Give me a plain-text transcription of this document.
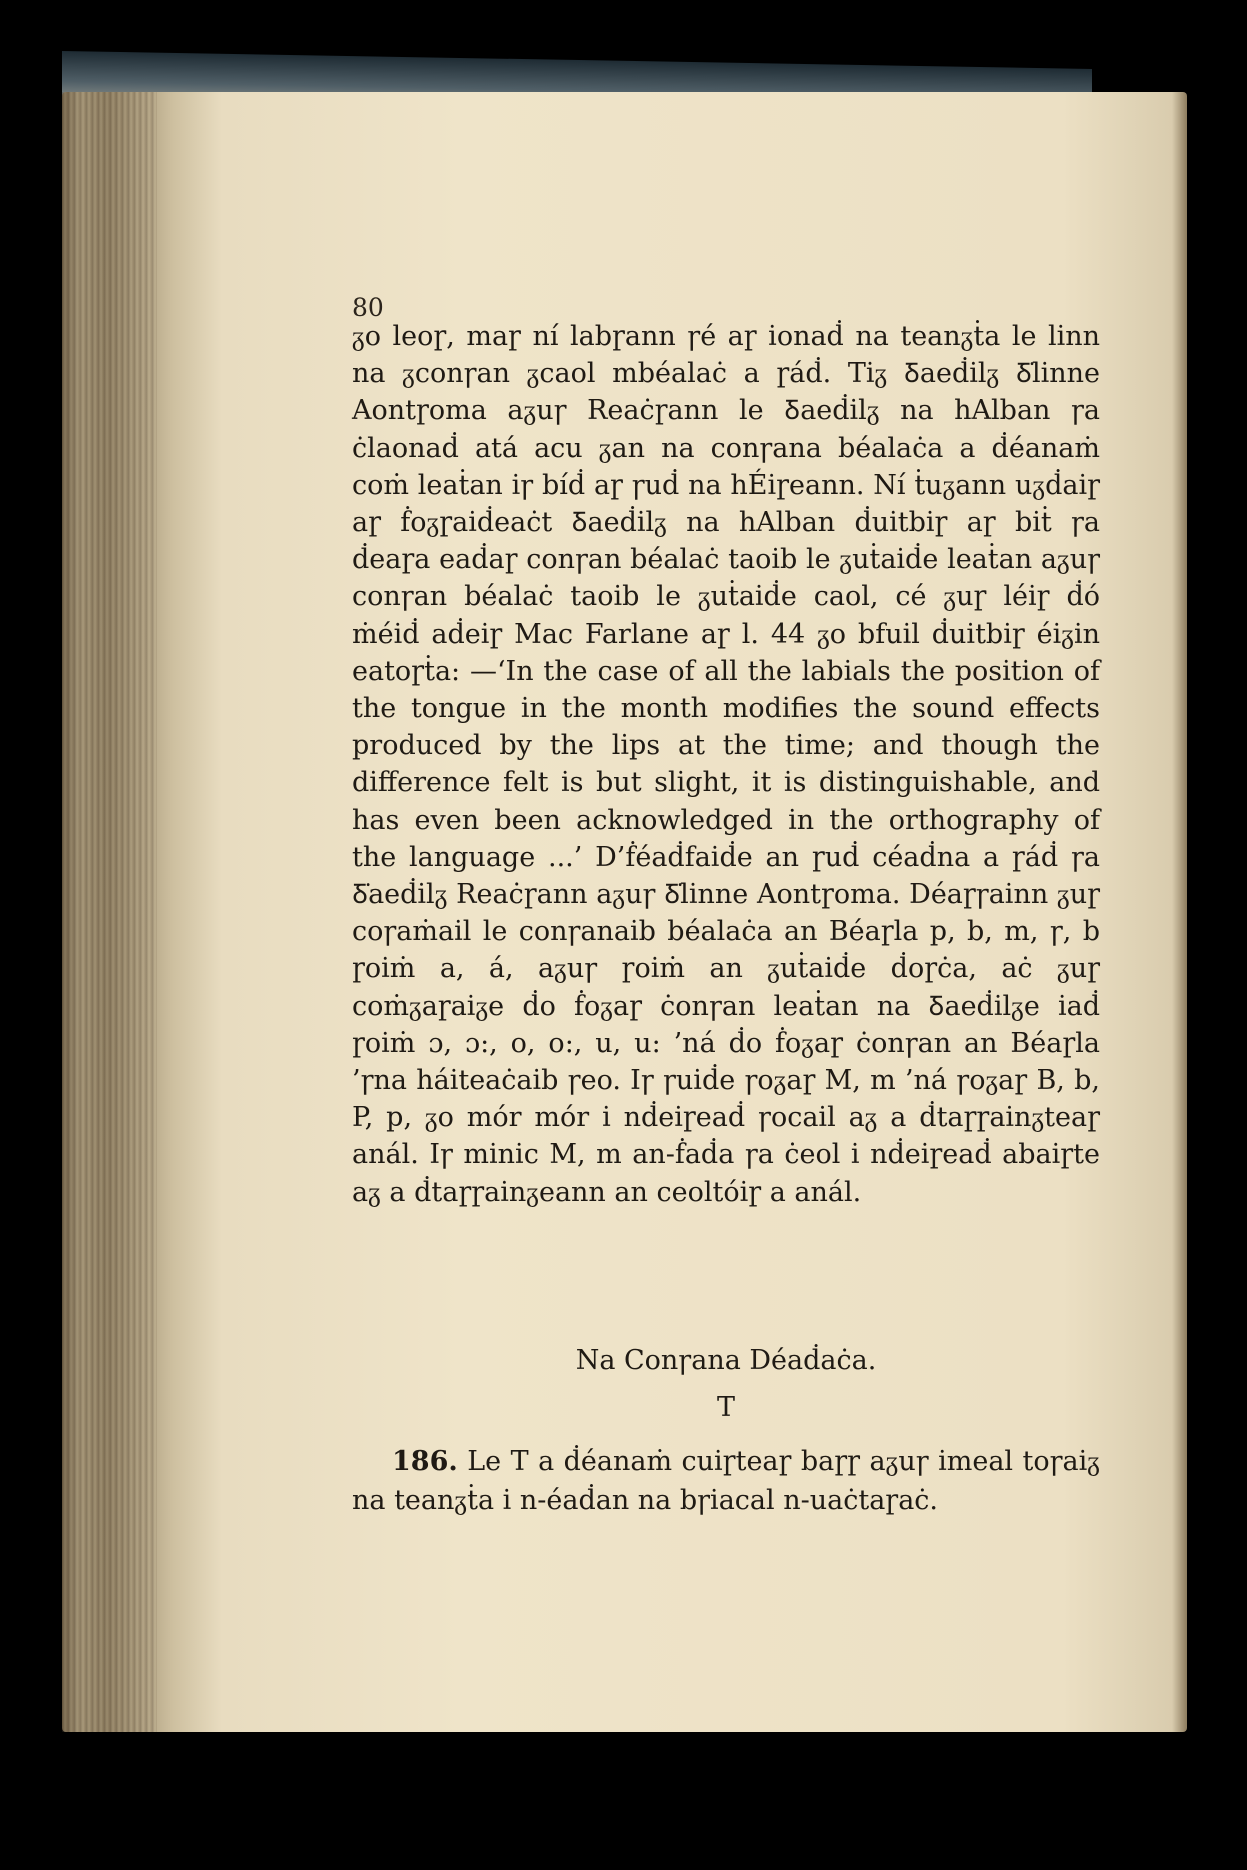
80

ᵹo leoɼ, maɼ ní labɼann ꞅé aɼ ionaḋ na teanᵹṫa le linn na ᵹconꞅan ᵹcaol mbéalaċ a ɼáḋ. Tiᵹ Ᵹaeḋilᵹ Ᵹ̇linne Aontɼoma aᵹuꞅ Reaċɼann le Ᵹaeḋilᵹ na hAlban ꞅa ċlaonaḋ atá acu ᵹan na conꞅana béalaċa a ḋéanaṁ coṁ leaṫan iꞅ bíḋ aɼ ꞅuḋ na hÉiɼeann. Ní ṫuᵹann uᵹḋaiɼ aɼ ḟoᵹɼaiḋeaċt Ᵹaeḋilᵹ na hAlban ḋuitbiɼ aɼ biṫ ꞅa ḋeaɼa eaḋaɼ conꞅan béalaċ taoib le ᵹuṫaiḋe leaṫan aᵹuꞅ conꞅan béalaċ taoib le ᵹuṫaiḋe caol, cé ᵹuɼ léiɼ ḋó ṁéiḋ aḋeiɼ Mac Farlane aɼ l. 44 ᵹo bfuil ḋuitbiɼ éiᵹin eatoɼṫa: —‘In the case of all the labials the position of the tongue in the month modifies the sound effects produced by the lips at the time; and though the difference felt is but slight, it is distinguishable, and has even been acknowledged in the orthography of the language ...’ D’ḟéaḋfaiḋe an ɼuḋ céaḋna a ɼáḋ ꞅa Ᵹ̇aeḋilᵹ Reaċɼann aᵹuꞅ Ᵹ̇linne Aontɼoma. Déaɼꞅainn ᵹuɼ coꞅaṁail le conꞅanaib béalaċa an Béaɼla p, b, m, ꞅ, b ɼoiṁ a, á, aᵹuꞅ ɼoiṁ an ᵹuṫaiḋe ḋoɼċa, aċ ᵹuɼ coṁᵹaɼaiᵹe ḋo ḟoᵹaɼ ċonꞅan leaṫan na Ᵹaeḋilᵹe iaḋ ɼoiṁ ɔ, ɔ:, o, o:, u, u: ’ná ḋo ḟoᵹaɼ ċonꞅan an Béaɼla ’ꞅna háiteaċaib ꞅeo. Iꞅ ꞅuiḋe ꞅoᵹaɼ M, m ’ná ꞅoᵹaɼ B, b, P, p, ᵹo mór mór i nḋeiɼeaḋ ꞅocail aᵹ a ḋtaɼɼainᵹteaɼ anál. Iꞅ minic M, m an-ḟaḋa ꞅa ċeol i nḋeiɼeaḋ abaiɼte aᵹ a ḋtaɼɼainᵹeann an ceoltóiɼ a anál.

Na Conꞅana Déaḋaċa.
T
186. Le T a ḋéanaṁ cuiɼteaɼ baɼɼ aᵹuꞅ imeal toꞅaiᵹ na teanᵹṫa i n-éaḋan na bꞅiacal n-uaċtaɼaċ.
